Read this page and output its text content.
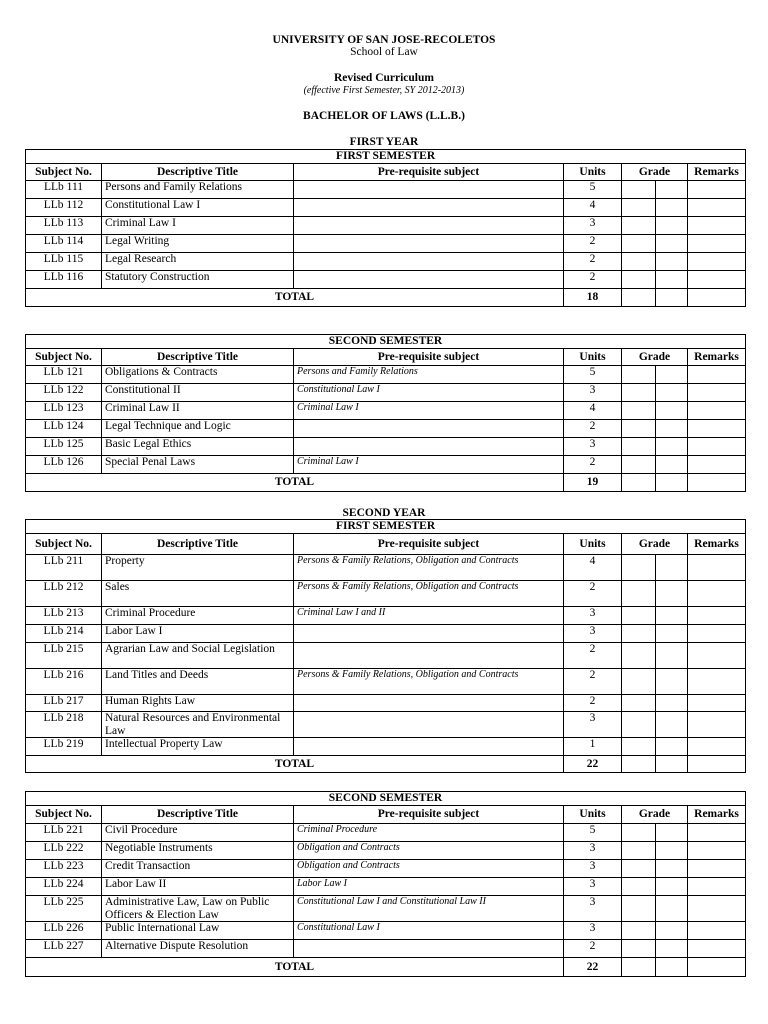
UNIVERSITY OF SAN JOSE-RECOLETOS
School of Law
Revised Curriculum
(effective First Semester, SY 2012-2013)
BACHELOR OF LAWS (L.L.B.)
FIRST YEAR
FIRST SEMESTER						
Subject No.	Descriptive Title	Pre-requisite subject	Units	Grade		Remarks
LLb 111	Persons and Family Relations		5			
LLb 112	Constitutional Law I		4			
LLb 113	Criminal Law I		3			
LLb 114	Legal Writing		2			
LLb 115	Legal Research		2			
LLb 116	Statutory Construction		2			
TOTAL			18			
SECOND SEMESTER						
Subject No.	Descriptive Title	Pre-requisite subject	Units	Grade		Remarks
LLb 121	Obligations & Contracts	Persons and Family Relations	5			
LLb 122	Constitutional II	Constitutional Law I	3			
LLb 123	Criminal Law II	Criminal Law I	4			
LLb 124	Legal Technique and Logic		2			
LLb 125	Basic Legal Ethics		3			
LLb 126	Special Penal Laws	Criminal Law I	2			
TOTAL			19			
SECOND YEAR
FIRST SEMESTER						
Subject No.	Descriptive Title	Pre-requisite subject	Units	Grade		Remarks
LLb 211	Property	Persons & Family Relations, Obligation and Contracts	4			
LLb 212	Sales	Persons & Family Relations, Obligation and Contracts	2			
LLb 213	Criminal Procedure	Criminal Law I and II	3			
LLb 214	Labor Law I		3			
LLb 215	Agrarian Law and Social Legislation		2			
LLb 216	Land Titles and Deeds	Persons & Family Relations, Obligation and Contracts	2			
LLb 217	Human Rights Law		2			
LLb 218	Natural Resources and Environmental Law		3			
LLb 219	Intellectual Property Law		1			
TOTAL			22			
SECOND SEMESTER						
Subject No.	Descriptive Title	Pre-requisite subject	Units	Grade		Remarks
LLb 221	Civil Procedure	Criminal Procedure	5			
LLb 222	Negotiable Instruments	Obligation and Contracts	3			
LLb 223	Credit Transaction	Obligation and Contracts	3			
LLb 224	Labor Law II	Labor Law I	3			
LLb 225	Administrative Law, Law on Public Officers & Election Law	Constitutional Law I and Constitutional Law II	3			
LLb 226	Public International Law	Constitutional Law I	3			
LLb 227	Alternative Dispute Resolution		2			
TOTAL			22			
